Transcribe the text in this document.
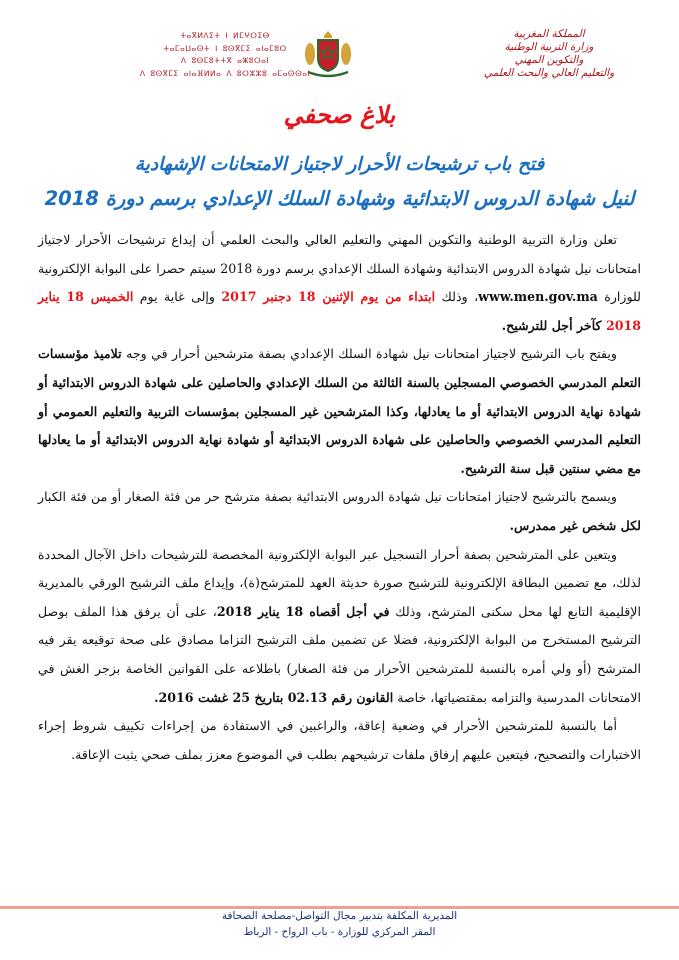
المملكة المغربية
وزارة التربية الوطنية
والتكوين المهني
والتعليم العالي والبحث العلمي
ⵜⴰⴳⵍⴷⵉⵜ ⵏ ⵍⵎⵖⵔⵉⴱ
ⵜⴰⵎⴰⵡⴰⵙⵜ ⵏ ⵓⵙⴳⵎⵉ ⴰⵏⴰⵎⵓⵔ
ⴷ ⵓⵙⵎⵓⵜⵜⴳ ⴰⵥⵓⵔⴰⵏ
ⴷ ⵓⵙⴳⵎⵉ ⴰⵏⴰⴼⵍⵍⴰ ⴷ ⵓⵔⵣⵣⵓ ⴰⵎⴰⵙⵙⴰⵏ
بلاغ صحفي
فتح باب ترشيحات الأحرار لاجتياز الامتحانات الإشهادية
لنيل شهادة الدروس الابتدائية وشهادة السلك الإعدادي برسم دورة 2018

تعلن وزارة التربية الوطنية والتكوين المهني والتعليم العالي والبحث العلمي أن إيداع ترشيحات الأحرار لاجتياز امتحانات نيل شهادة الدروس الابتدائية وشهادة السلك الإعدادي برسم دورة 2018 سيتم حصرا على البوابة الإلكترونية للوزارة www.men.gov.ma، وذلك ابتداء من يوم الإثنين 18 دجنبر 2017 وإلى غاية يوم الخميس 18 يناير 2018 كآخر أجل للترشيح.

ويفتح باب الترشيح لاجتياز امتحانات نيل شهادة السلك الإعدادي بصفة مترشحين أحرار في وجه تلاميذ مؤسسات التعلم المدرسي الخصوصي المسجلين بالسنة الثالثة من السلك الإعدادي والحاصلين على شهادة الدروس الابتدائية أو شهادة نهاية الدروس الابتدائية أو ما يعادلها، وكذا المترشحين غير المسجلين بمؤسسات التربية والتعليم العمومي أو التعليم المدرسي الخصوصي والحاصلين على شهادة الدروس الابتدائية أو شهادة نهاية الدروس الابتدائية أو ما يعادلها مع مضي سنتين قبل سنة الترشيح.

ويسمح بالترشيح لاجتياز امتحانات نيل شهادة الدروس الابتدائية بصفة مترشح حر من فئة الصغار أو من فئة الكبار لكل شخص غير ممدرس.

ويتعين على المترشحين بصفة أحرار التسجيل عبر البوابة الإلكترونية المخصصة للترشيحات داخل الآجال المحددة لذلك، مع تضمين البطاقة الإلكترونية للترشيح صورة حديثة العهد للمترشح(ة)، وإيداع ملف الترشيح الورقي بالمديرية الإقليمية التابع لها محل سكنى المترشح، وذلك في أجل أقصاه 18 يناير 2018، على أن يرفق هذا الملف بوصل الترشيح المستخرج من البوابة الإلكترونية، فضلا عن تضمين ملف الترشيح التزاما مصادق على صحة توقيعه يقر فيه المترشح (أو ولي أمره بالنسبة للمترشحين الأحرار من فئة الصغار) باطلاعه على القوانين الخاصة بزجر الغش في الامتحانات المدرسية والتزامه بمقتضياتها، خاصة القانون رقم 02.13 بتاريخ 25 غشت 2016.

أما بالنسبة للمترشحين الأحرار في وضعية إعاقة، والراغبين في الاستفادة من إجراءات تكييف شروط إجراء الاختبارات والتصحيح، فيتعين عليهم إرفاق ملفات ترشيحهم بطلب في الموضوع معزز بملف صحي يثبت الإعاقة.

المديرية المكلفة بتدبير مجال التواصل-مصلحة الصحافة
المقر المركزي للوزارة - باب الرواح - الرباط
